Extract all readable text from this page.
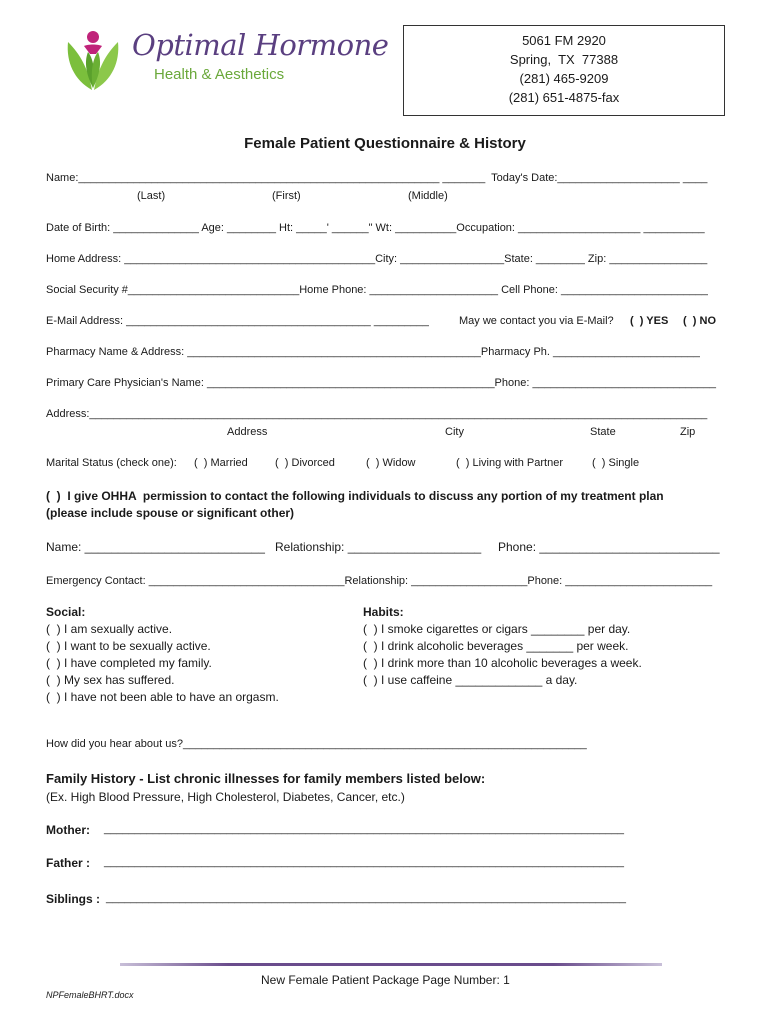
Optimal Hormone
Health & Aesthetics
5061 FM 2920
Spring,  TX  77388
(281) 465-9209
(281) 651-4875-fax
Female Patient Questionnaire & History
Name:___________________________________________________________ _______  Today's Date:____________________ ____
(Last)	(First)	(Middle)
Date of Birth: ______________ Age: ________ Ht: _____' ______" Wt: __________Occupation: ____________________ __________
Home Address: _________________________________________City: _________________State: ________ Zip: ________________
Social Security #____________________________Home Phone: _____________________ Cell Phone: ________________________
E-Mail Address: ________________________________________ _________	May we contact you via E-Mail? (  ) YES (  ) NO
Pharmacy Name & Address: ________________________________________________Pharmacy Ph. ________________________
Primary Care Physician's Name: _______________________________________________Phone: ______________________________
Address:_____________________________________________________________________________________________________
Address	City	State	Zip
Marital Status (check one): (  ) Married (  ) Divorced	(  ) Widow	(  ) Living with Partner	(  ) Single
(  )  I give OHHA  permission to contact the following individuals to discuss any portion of my treatment plan
(please include spouse or significant other)
Name: ___________________________ Relationship: ____________________ Phone: ___________________________
Emergency Contact: ________________________________Relationship: ___________________Phone: ________________________
Social:
(  ) I am sexually active.
(  ) I want to be sexually active.
(  ) I have completed my family.
(  ) My sex has suffered.
(  ) I have not been able to have an orgasm.
Habits:
(  ) I smoke cigarettes or cigars ________ per day.
(  ) I drink alcoholic beverages _______ per week.
(  ) I drink more than 10 alcoholic beverages a week.
(  ) I use caffeine _____________ a day.
How did you hear about us?__________________________________________________________________
Family History - List chronic illnesses for family members listed below:
(Ex. High Blood Pressure, High Cholesterol, Diabetes, Cancer, etc.)
Mother: _____________________________________________________________________________________
Father : _____________________________________________________________________________________
Siblings : _____________________________________________________________________________________
New Female Patient Package Page Number: 1
NPFemaleBHRT.docx
